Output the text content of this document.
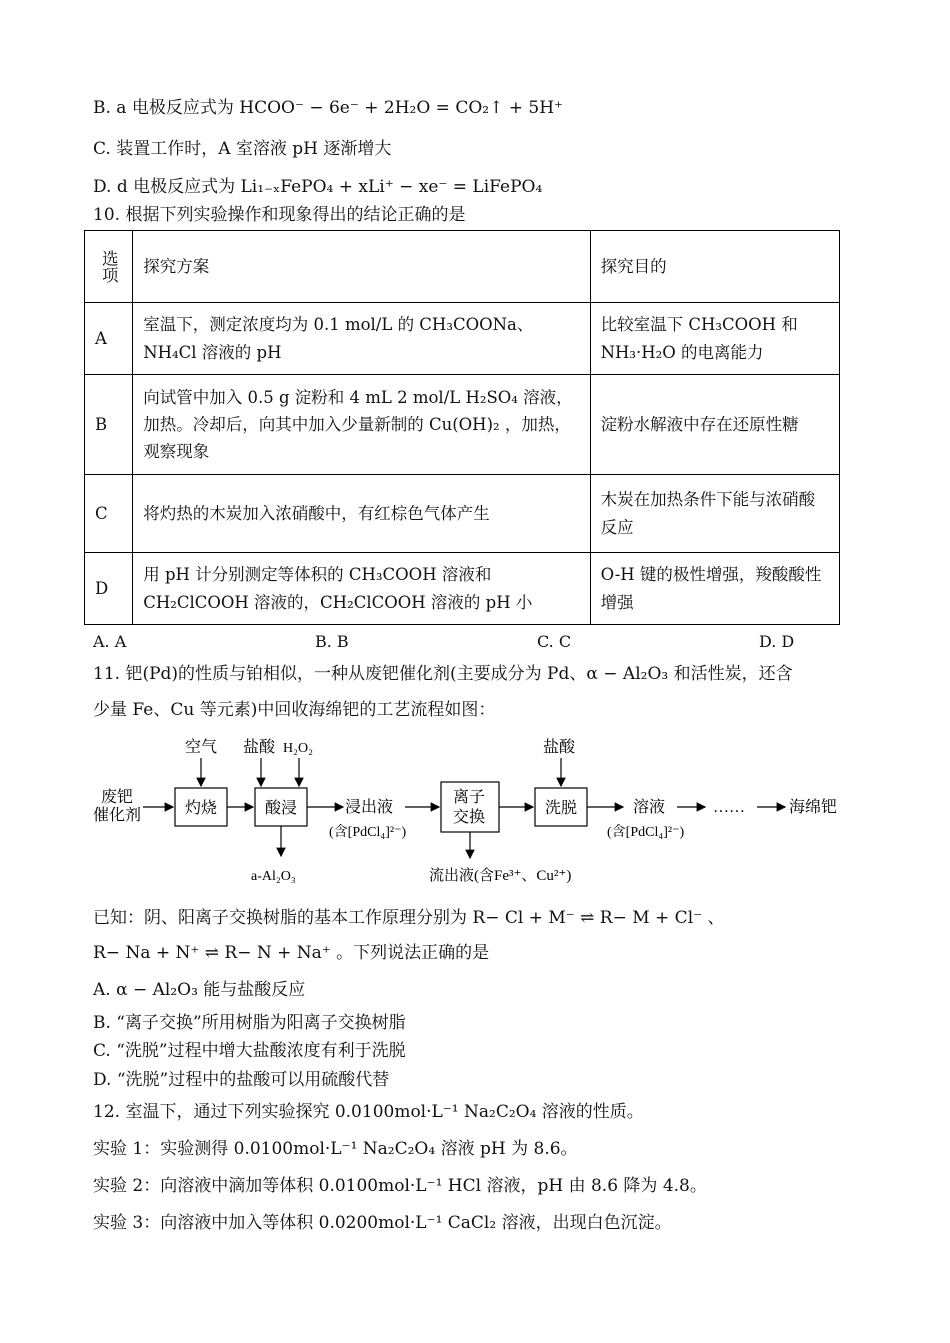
B. a 电极反应式为 HCOO⁻ − 6e⁻ + 2H₂O = CO₂↑ + 5H⁺
C. 装置工作时，A 室溶液 pH 逐渐增大
D. d 电极反应式为 Li₁₋ₓFePO₄ + xLi⁺ − xe⁻ = LiFePO₄
10. 根据下列实验操作和现象得出的结论正确的是
选项	探究方案	探究目的
A	室温下，测定浓度均为 0.1 mol/L 的 CH₃COONa、NH₄Cl 溶液的 pH	比较室温下 CH₃COOH 和 NH₃·H₂O 的电离能力
B	向试管中加入 0.5 g 淀粉和 4 mL 2 mol/L H₂SO₄ 溶液，加热。冷却后，向其中加入少量新制的 Cu(OH)₂ ，加热，观察现象	淀粉水解液中存在还原性糖
C	将灼热的木炭加入浓硝酸中，有红棕色气体产生	木炭在加热条件下能与浓硝酸反应
D	用 pH 计分别测定等体积的 CH₃COOH 溶液和 CH₂ClCOOH 溶液的，CH₂ClCOOH 溶液的 pH 小	O-H 键的极性增强，羧酸酸性增强
A. A	B. B	C. C	D. D
11. 钯(Pd)的性质与铂相似，一种从废钯催化剂(主要成分为 Pd、α − Al₂O₃ 和活性炭，还含
少量 Fe、Cu 等元素)中回收海绵钯的工艺流程如图：
废钯
催化剂	灼烧
空气
酸浸
盐酸 H₂O₂
a-Al₂O₃
浸出液
(含[PdCl₄]²⁻)
离子
交换
流出液(含Fe³⁺、Cu²⁺)
洗脱
盐酸
溶液
(含[PdCl₄]²⁻)
……	海绵钯
已知：阴、阳离子交换树脂的基本工作原理分别为 R− Cl + M⁻ ⇌ R− M + Cl⁻ 、
R− Na + N⁺ ⇌ R− N + Na⁺ 。下列说法正确的是
A. α − Al₂O₃ 能与盐酸反应
B. “离子交换”所用树脂为阳离子交换树脂
C. “洗脱”过程中增大盐酸浓度有利于洗脱
D. “洗脱”过程中的盐酸可以用硫酸代替
12. 室温下，通过下列实验探究 0.0100mol·L⁻¹ Na₂C₂O₄ 溶液的性质。
实验 1：实验测得 0.0100mol·L⁻¹ Na₂C₂O₄ 溶液 pH 为 8.6。
实验 2：向溶液中滴加等体积 0.0100mol·L⁻¹ HCl 溶液，pH 由 8.6 降为 4.8。
实验 3：向溶液中加入等体积 0.0200mol·L⁻¹ CaCl₂ 溶液，出现白色沉淀。
